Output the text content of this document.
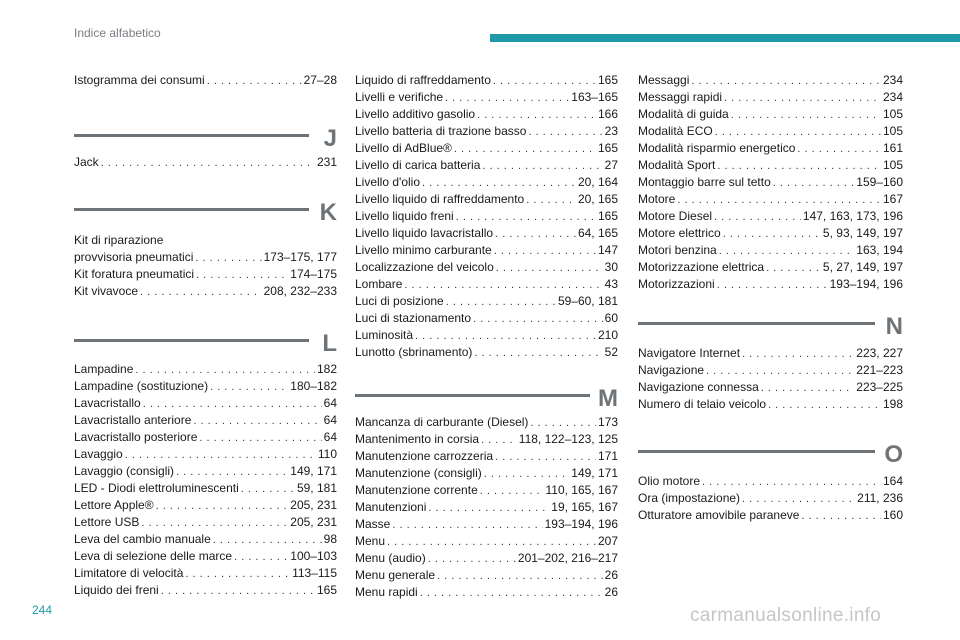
Indice alfabetico
Istogramma dei consumi . . .	27–28
J
Jack . . .	231
K
Kit di riparazione
provvisoria pneumatici . . .	173–175, 177
Kit foratura pneumatici . . .	174–175
Kit vivavoce . . .	208, 232–233
L
Lampadine . . .	182
Lampadine (sostituzione) . . .	180–182
Lavacristallo . . .	64
Lavacristallo anteriore . . .	64
Lavacristallo posteriore . . .	64
Lavaggio . . .	110
Lavaggio (consigli) . . .	149, 171
LED - Diodi elettroluminescenti . . .	59, 181
Lettore Apple® . . .	205, 231
Lettore USB . . .	205, 231
Leva del cambio manuale . . .	98
Leva di selezione delle marce . . .	100–103
Limitatore di velocità . . .	113–115
Liquido dei freni . . .	165
Liquido di raffreddamento . . .	165
Livelli e verifiche . . .	163–165
Livello additivo gasolio . . .	166
Livello batteria di trazione basso . . .	23
Livello di AdBlue® . . .	165
Livello di carica batteria . . .	27
Livello d'olio . . .	20, 164
Livello liquido di raffreddamento . . .	20, 165
Livello liquido freni . . .	165
Livello liquido lavacristallo . . .	64, 165
Livello minimo carburante . . .	147
Localizzazione del veicolo . . .	30
Lombare . . .	43
Luci di posizione . . .	59–60, 181
Luci di stazionamento . . .	60
Luminosità . . .	210
Lunotto (sbrinamento) . . .	52
M
Mancanza di carburante (Diesel) . . .	173
Mantenimento in corsia . . .	118, 122–123, 125
Manutenzione carrozzeria . . .	171
Manutenzione (consigli) . . .	149, 171
Manutenzione corrente . . .	110, 165, 167
Manutenzioni . . .	19, 165, 167
Masse . . .	193–194, 196
Menu . . .	207
Menu (audio) . . .	201–202, 216–217
Menu generale . . .	26
Menu rapidi . . .	26
Messaggi . . .	234
Messaggi rapidi . . .	234
Modalità di guida . . .	105
Modalità ECO . . .	105
Modalità risparmio energetico . . .	161
Modalità Sport . . .	105
Montaggio barre sul tetto . . .	159–160
Motore . . .	167
Motore Diesel . . .	147, 163, 173, 196
Motore elettrico . . .	5, 93, 149, 197
Motori benzina . . .	163, 194
Motorizzazione elettrica . . .	5, 27, 149, 197
Motorizzazioni . . .	193–194, 196
N
Navigatore Internet . . .	223, 227
Navigazione . . .	221–223
Navigazione connessa . . .	223–225
Numero di telaio veicolo . . .	198
O
Olio motore . . .	164
Ora (impostazione) . . .	211, 236
Otturatore amovibile paraneve . . .	160
244	carmanualsonline.info
